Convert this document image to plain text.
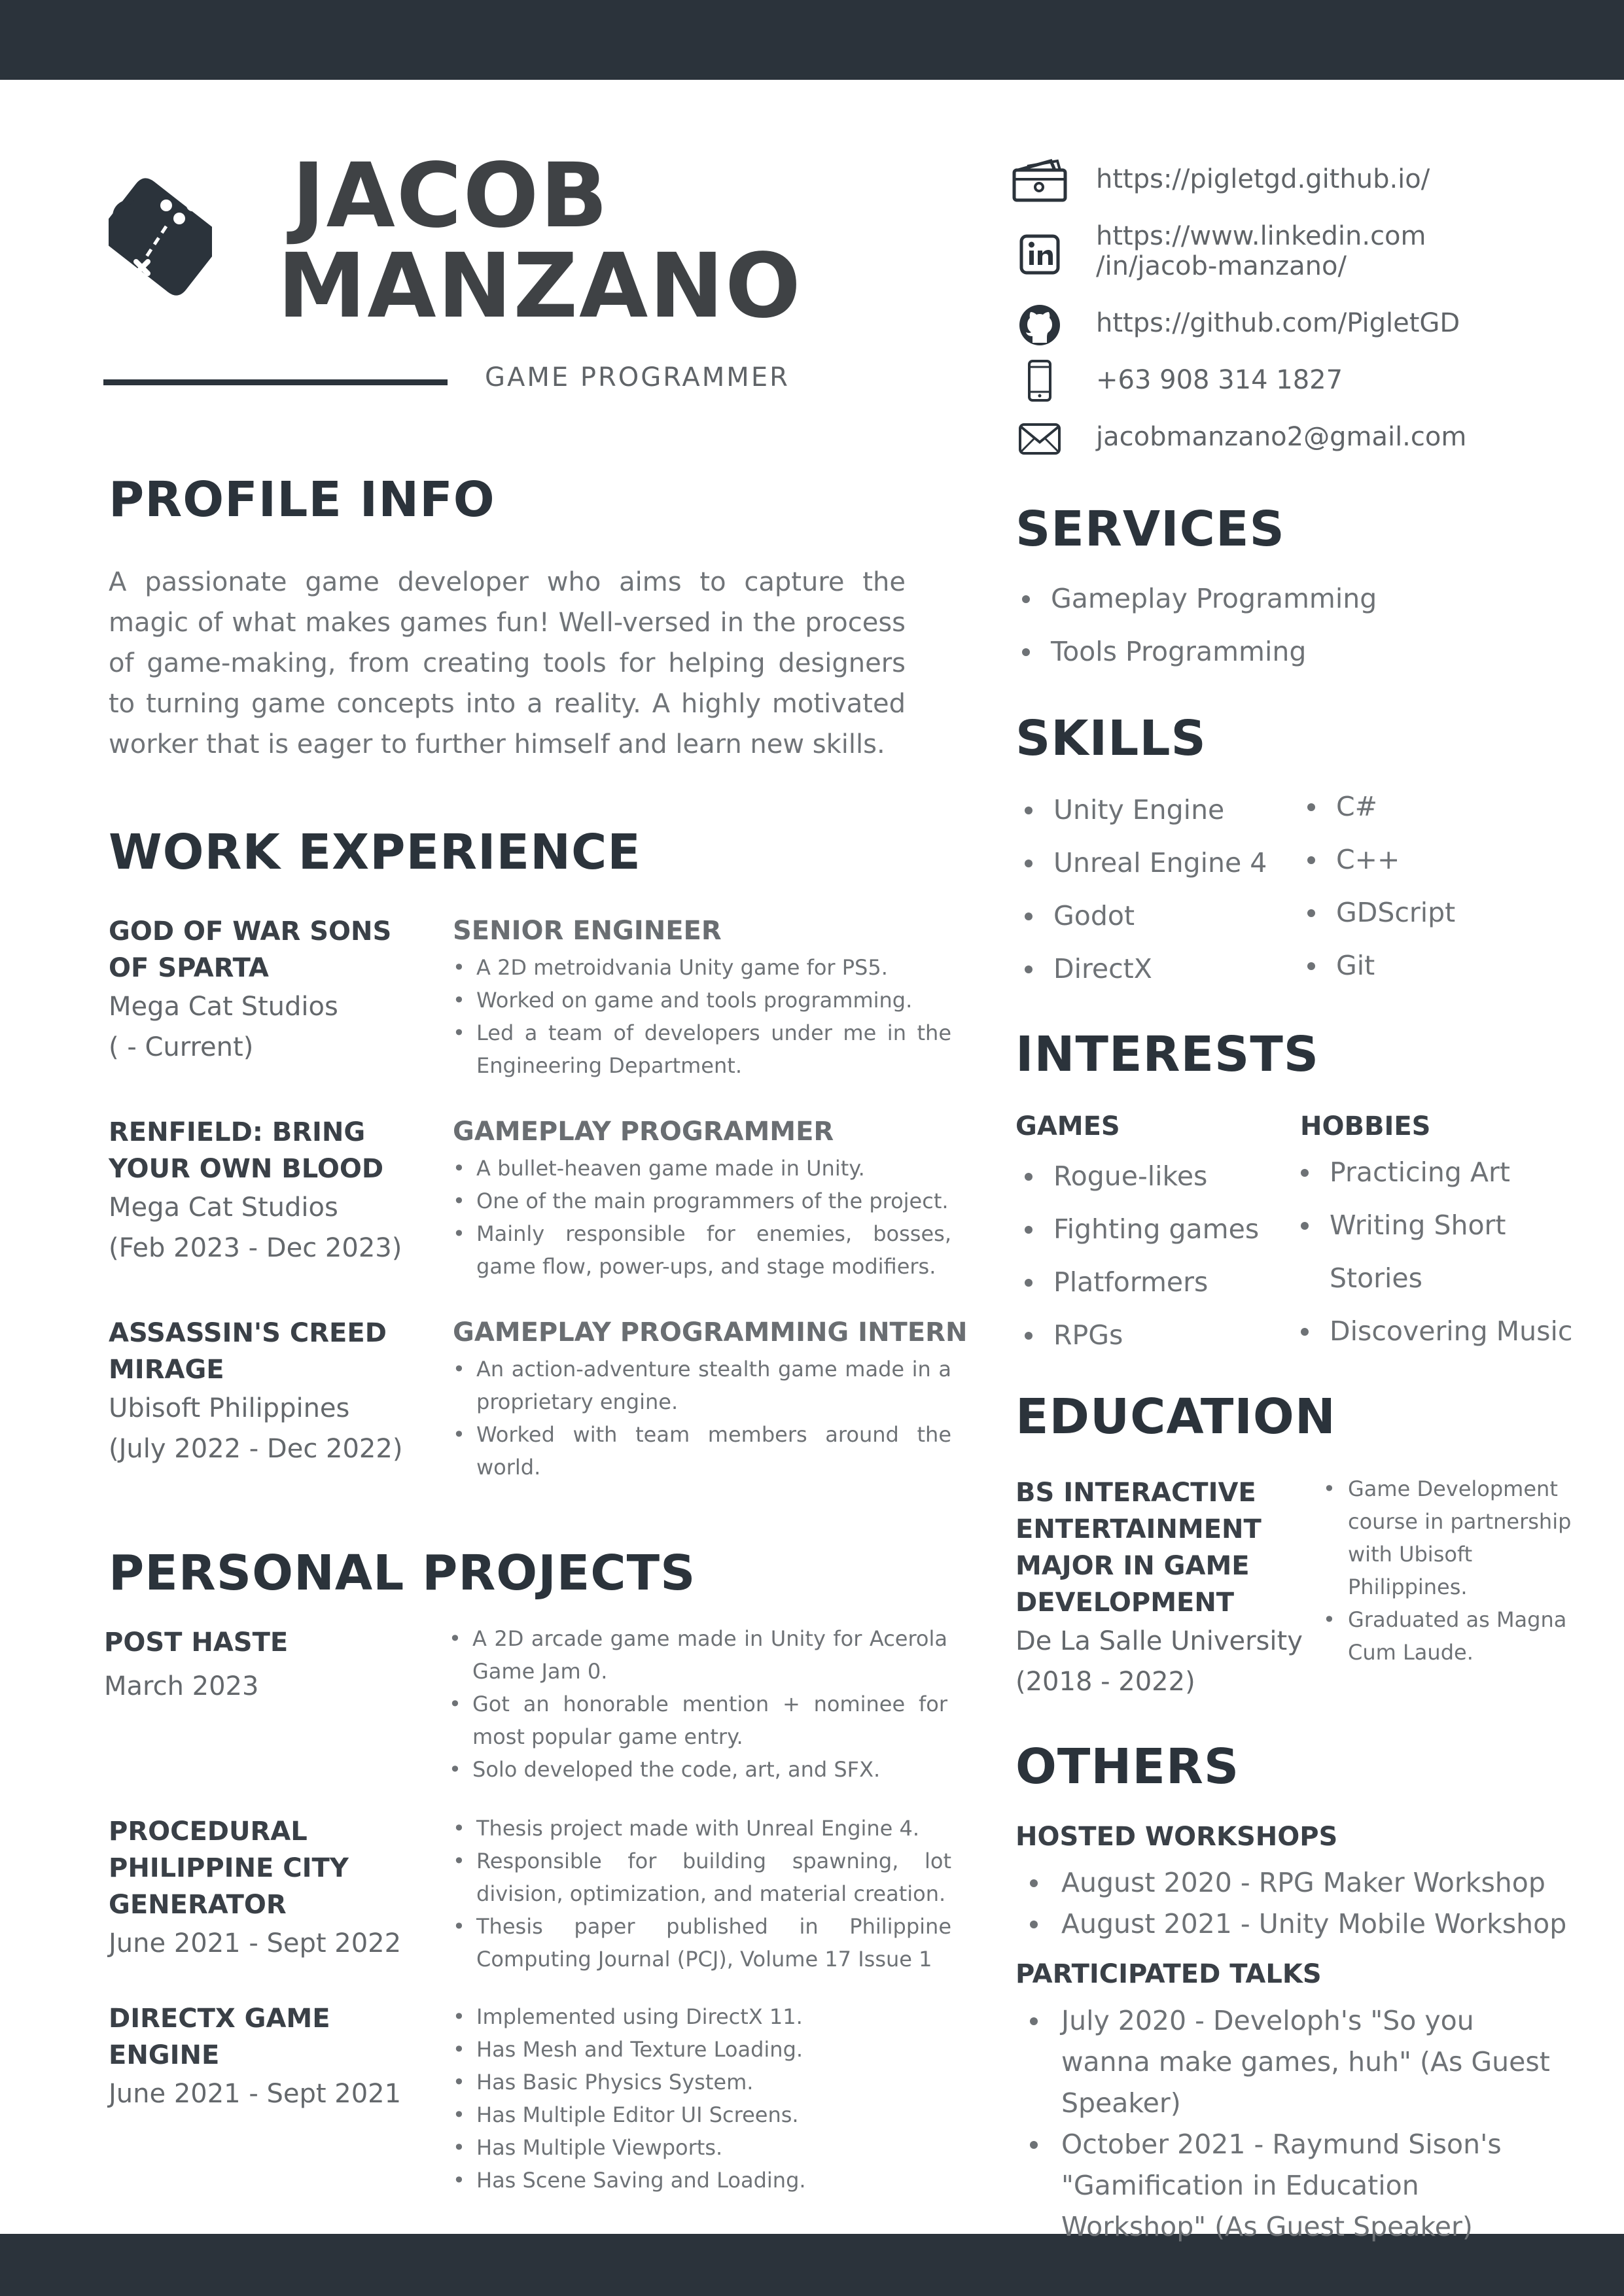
JACOB
MANZANO
GAME PROGRAMMER
https://pigletgd.github.io/
https://www.linkedin.com
/in/jacob-manzano/
https://github.com/PigletGD
+63 908 314 1827
jacobmanzano2@gmail.com
PROFILE INFO
A passionate game developer who aims to capture the magic of what makes games fun! Well-versed in the process of game-making, from creating tools for helping designers to turning game concepts into a reality. A highly motivated worker that is eager to further himself and learn new skills.
WORK EXPERIENCE
GOD OF WAR SONS
OF SPARTA
Mega Cat Studios
( - Current)
SENIOR ENGINEER
• A 2D metroidvania Unity game for PS5.
• Worked on game and tools programming.
• Led a team of developers under me in the Engineering Department.
RENFIELD: BRING
YOUR OWN BLOOD
Mega Cat Studios
(Feb 2023 - Dec 2023)
GAMEPLAY PROGRAMMER
• A bullet-heaven game made in Unity.
• One of the main programmers of the project.
• Mainly responsible for enemies, bosses, game flow, power-ups, and stage modifiers.
ASSASSIN'S CREED
MIRAGE
Ubisoft Philippines
(July 2022 - Dec 2022)
GAMEPLAY PROGRAMMING INTERN
• An action-adventure stealth game made in a proprietary engine.
• Worked with team members around the world.
PERSONAL PROJECTS
POST HASTE
March 2023
• A 2D arcade game made in Unity for Acerola Game Jam 0.
• Got an honorable mention + nominee for most popular game entry.
• Solo developed the code, art, and SFX.
PROCEDURAL
PHILIPPINE CITY
GENERATOR
June 2021 - Sept 2022
• Thesis project made with Unreal Engine 4.
• Responsible for building spawning, lot division, optimization, and material creation.
• Thesis paper published in Philippine Computing Journal (PCJ), Volume 17 Issue 1
DIRECTX GAME
ENGINE
June 2021 - Sept 2021
• Implemented using DirectX 11.
• Has Mesh and Texture Loading.
• Has Basic Physics System.
• Has Multiple Editor UI Screens.
• Has Multiple Viewports.
• Has Scene Saving and Loading.
SERVICES
Gameplay Programming
Tools Programming
SKILLS
Unity Engine
Unreal Engine 4
Godot
DirectX
C#
C++
GDScript
Git
INTERESTS
GAMES
Rogue-likes
Fighting games
Platformers
RPGs
HOBBIES
Practicing Art
Writing Short Stories
Discovering Music
EDUCATION
BS INTERACTIVE
ENTERTAINMENT
MAJOR IN GAME
DEVELOPMENT
De La Salle University
(2018 - 2022)
• Game Development course in partnership with Ubisoft Philippines.
• Graduated as Magna Cum Laude.
OTHERS
HOSTED WORKSHOPS
August 2020 - RPG Maker Workshop
August 2021 - Unity Mobile Workshop
PARTICIPATED TALKS
July 2020 - Developh's "So you wanna make games, huh" (As Guest Speaker)
October 2021 - Raymund Sison's "Gamification in Education Workshop" (As Guest Speaker)
